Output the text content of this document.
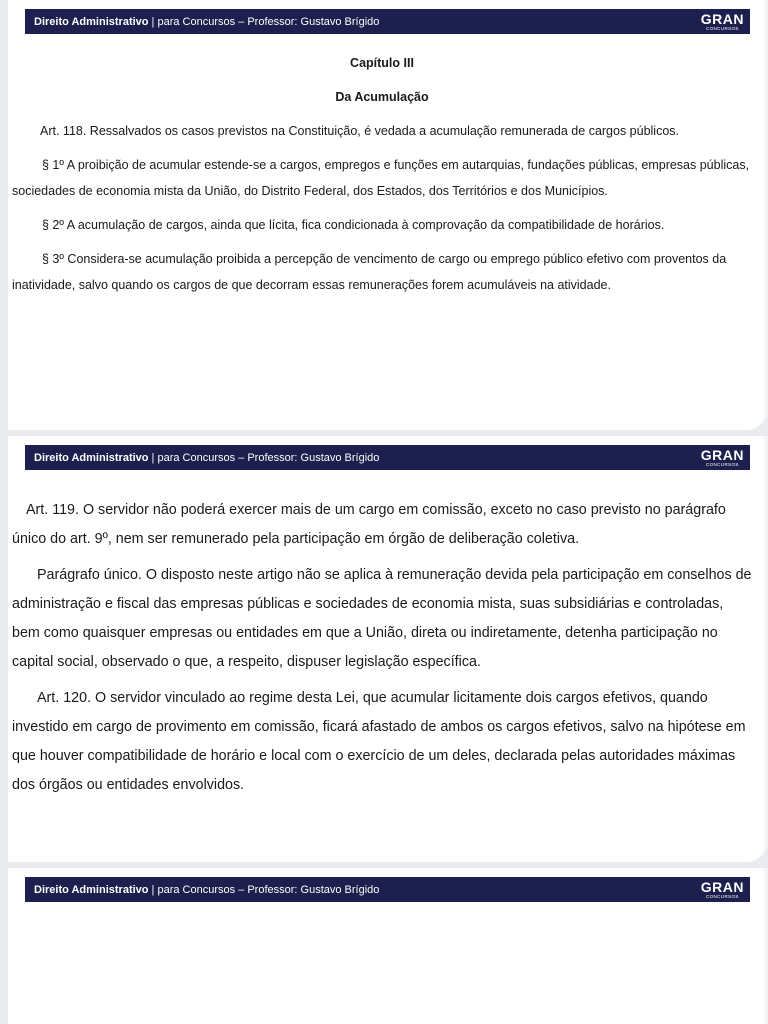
Direito Administrativo | para Concursos – Professor: Gustavo Brígido	GRAN
CONCURSOS

Capítulo III

Da Acumulação

Art. 118. Ressalvados os casos previstos na Constituição, é vedada a acumulação remunerada de cargos públicos.

§ 1º A proibição de acumular estende-se a cargos, empregos e funções em autarquias, fundações públicas, empresas públicas, sociedades de economia mista da União, do Distrito Federal, dos Estados, dos Territórios e dos Municípios.

§ 2º A acumulação de cargos, ainda que lícita, fica condicionada à comprovação da compatibilidade de horários.

§ 3º Considera-se acumulação proibida a percepção de vencimento de cargo ou emprego público efetivo com proventos da inatividade, salvo quando os cargos de que decorram essas remunerações forem acumuláveis na atividade.

Direito Administrativo | para Concursos – Professor: Gustavo Brígido	GRAN
CONCURSOS

Art. 119. O servidor não poderá exercer mais de um cargo em comissão, exceto no caso previsto no parágrafo único do art. 9º, nem ser remunerado pela participação em órgão de deliberação coletiva.

Parágrafo único. O disposto neste artigo não se aplica à remuneração devida pela participação em conselhos de administração e fiscal das empresas públicas e sociedades de economia mista, suas subsidiárias e controladas, bem como quaisquer empresas ou entidades em que a União, direta ou indiretamente, detenha participação no capital social, observado o que, a respeito, dispuser legislação específica.

Art. 120. O servidor vinculado ao regime desta Lei, que acumular licitamente dois cargos efetivos, quando investido em cargo de provimento em comissão, ficará afastado de ambos os cargos efetivos, salvo na hipótese em que houver compatibilidade de horário e local com o exercício de um deles, declarada pelas autoridades máximas dos órgãos ou entidades envolvidos.

Direito Administrativo | para Concursos – Professor: Gustavo Brígido	GRAN
CONCURSOS
